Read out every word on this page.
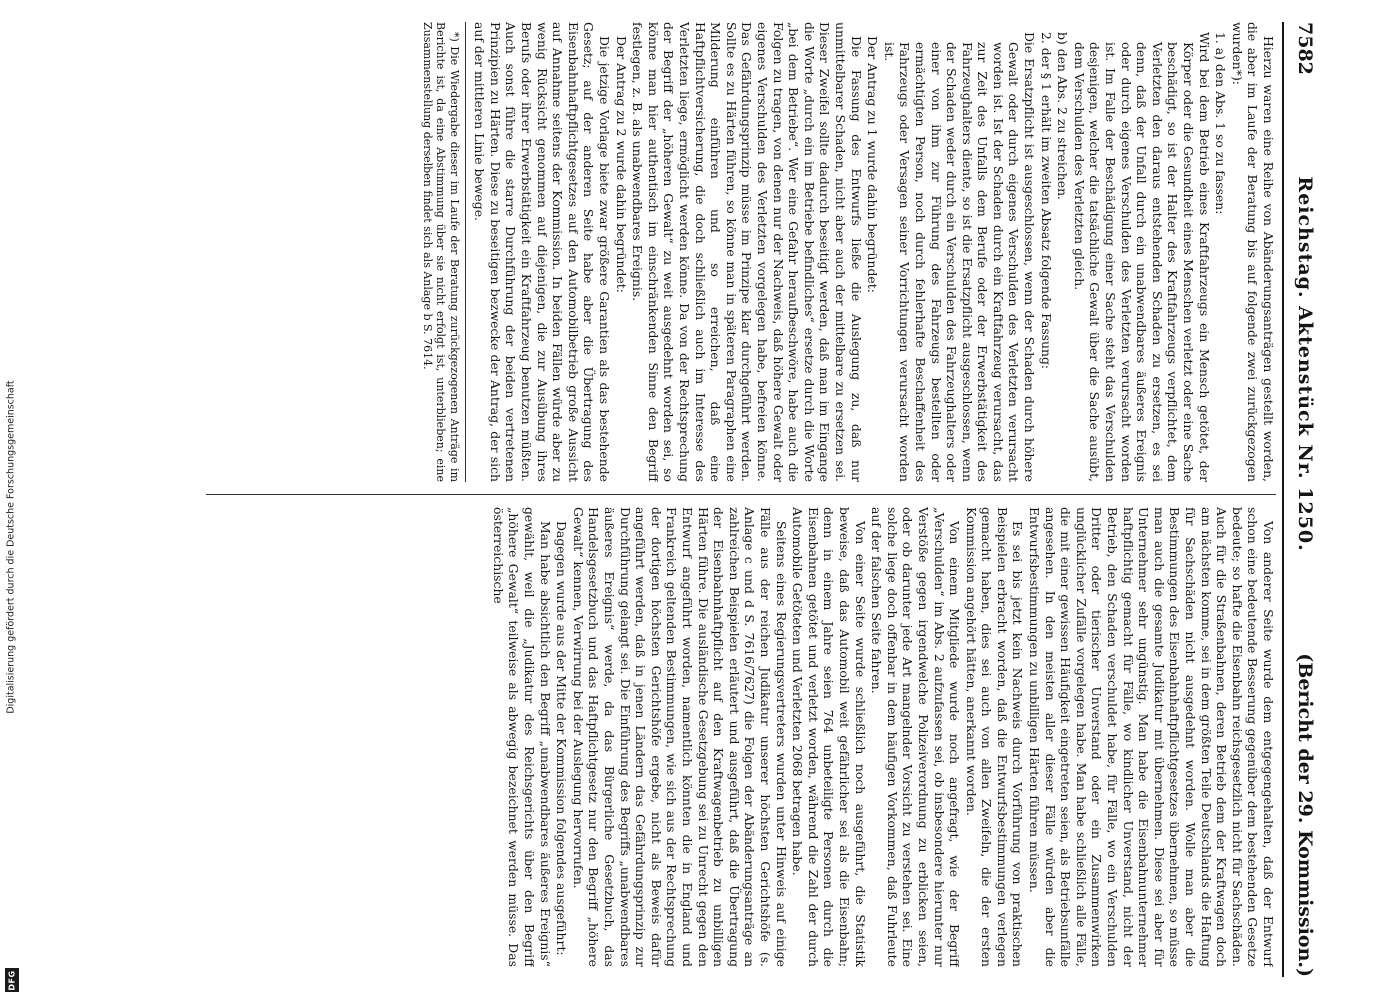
7582
Reichstag. Aktenstück Nr. 1250.
(Bericht der 29. Kommission.)

Hierzu waren eine Reihe von Abänderungsanträgen gestellt worden, die aber im Laufe der Beratung bis auf folgende zwei zurückgezogen wurden*):

1. a) den Abs. 1 so zu fassen:

Wird bei dem Betrieb eines Kraftfahrzeugs ein Mensch getötet, der Körper oder die Gesundheit eines Menschen verletzt oder eine Sache beschädigt, so ist der Halter des Kraftfahrzeugs verpflichtet, dem Verletzten den daraus entstehenden Schaden zu ersetzen, es sei denn, daß der Unfall durch ein unabwendbares äußeres Ereignis oder durch eigenes Verschulden des Verletzten verursacht worden ist. Im Falle der Beschädigung einer Sache steht das Verschulden desjenigen, welcher die tatsächliche Gewalt über die Sache ausübt, dem Verschulden des Verletzten gleich.

b) den Abs. 2 zu streichen.

2. der § 1 erhält im zweiten Absatz folgende Fassung:

Die Ersatzpflicht ist ausgeschlossen, wenn der Schaden durch höhere Gewalt oder durch eigenes Verschulden des Verletzten verursacht worden ist. Ist der Schaden durch ein Kraftfahrzeug verursacht, das zur Zeit des Unfalls dem Berufe oder der Erwerbstätigkeit des Fahrzeughalters diente, so ist die Ersatzpflicht ausgeschlossen, wenn der Schaden weder durch ein Verschulden des Fahrzeughalters oder einer von ihm zur Führung des Fahrzeugs bestellten oder ermächtigten Person, noch durch fehlerhafte Beschaffenheit des Fahrzeugs oder Versagen seiner Vorrichtungen verursacht worden ist.

Der Antrag zu 1 wurde dahin begründet:

Die Fassung des Entwurfs ließe die Auslegung zu, daß nur unmittelbarer Schaden, nicht aber auch der mittelbare zu ersetzen sei. Dieser Zweifel sollte dadurch beseitigt werden, daß man im Eingange die Worte „durch ein im Betriebe befindliches“ ersetze durch die Worte „bei dem Betriebe“. Wer eine Gefahr heraufbeschwöre, habe auch die Folgen zu tragen, von denen nur der Nachweis, daß höhere Gewalt oder eigenes Verschulden des Verletzten vorgelegen habe, befreien könne. Das Gefährdungsprinzip müsse im Prinzipe klar durchgeführt werden. Sollte es zu Härten führen, so könne man in späteren Paragraphen eine Milderung einführen und so erreichen, daß eine Haftpflichtversicherung, die doch schließlich auch im Interesse des Verletzten liege, ermöglicht werden könne. Da von der Rechtsprechung der Begriff der „höheren Gewalt“ zu weit ausgedehnt worden sei, so könne man hier authentisch im einschränkenden Sinne den Begriff festlegen, z. B. als unabwendbares Ereignis.

Der Antrag zu 2 wurde dahin begründet:

Die jetzige Vorlage biete zwar größere Garantien als das bestehende Gesetz; auf der anderen Seite habe aber die Übertragung des Eisenbahnhaftpflichtgesetzes auf den Automobilbetrieb große Aussicht auf Annahme seitens der Kommission. In beiden Fällen würde aber zu wenig Rücksicht genommen auf diejenigen, die zur Ausübung ihres Berufs oder ihrer Erwerbstätigkeit ein Kraftfahrzeug benutzen müßten. Auch sonst führe die starre Durchführung der beiden vertretenen Prinzipien zu Härten. Diese zu beseitigen bezwecke der Antrag, der sich auf der mittleren Linie bewege.

*) Die Wiedergabe dieser im Laufe der Beratung zurückgezogenen Anträge im Berichte ist, da eine Abstimmung über sie nicht erfolgt ist, unterblieben; eine Zusammenstellung derselben findet sich als Anlage b S. 7614.

Von anderer Seite wurde dem entgegengehalten, daß der Entwurf schon eine bedeutende Besserung gegenüber dem bestehenden Gesetze bedeute; so hafte die Eisenbahn reichsgesetzlich nicht für Sachschäden. Auch für die Straßenbahnen, deren Betrieb dem der Kraftwagen doch am nächsten komme, sei in dem größten Teile Deutschlands die Haftung für Sachschäden nicht ausgedehnt worden. Wolle man aber die Bestimmungen des Eisenbahnhaftpflichtgesetzes übernehmen, so müsse man auch die gesamte Judikatur mit übernehmen. Diese sei aber für Unternehmer sehr ungünstig. Man habe die Eisenbahnunternehmer haftpflichtig gemacht für Fälle, wo kindlicher Unverstand, nicht der Betrieb, den Schaden verschuldet habe, für Fälle, wo ein Verschulden Dritter oder tierischer Unverstand oder ein Zusammenwirken unglücklicher Zufälle vorgelegen habe. Man habe schließlich alle Fälle, die mit einer gewissen Häufigkeit eingetreten seien, als Betriebsunfälle angesehen. In den meisten aller dieser Fälle würden aber die Entwurfsbestimmungen zu unbilligen Härten führen müssen.

Es sei bis jetzt kein Nachweis durch Vorführung von praktischen Beispielen erbracht worden, daß die Entwurfsbestimmungen verlegen gemacht haben, dies sei auch von allen Zweifeln, die der ersten Kommission angehört hätten, anerkannt worden.

Von einem Mitgliede wurde noch angefragt, wie der Begriff „Verschulden“ im Abs. 2 aufzufassen sei, ob insbesondere hierunter nur Verstöße gegen irgendwelche Polizeiverordnung zu erblicken seien, oder ob darunter jede Art mangelnder Vorsicht zu verstehen sei. Eine solche liege doch offenbar in dem häufigen Vorkommen, daß Fuhrleute auf der falschen Seite fahren.

Von einer Seite wurde schließlich noch ausgeführt, die Statistik beweise, daß das Automobil weit gefährlicher sei als die Eisenbahn; denn in einem Jahre seien 764 unbeteiligte Personen durch die Eisenbahnen getötet und verletzt worden, während die Zahl der durch Automobile Getöteten und Verletzten 2068 betragen habe.

Seitens eines Regierungsvertreters wurden unter Hinweis auf einige Fälle aus der reichen Judikatur unserer höchsten Gerichtshöfe (s. Anlage c und d S. 7616/7627) die Folgen der Abänderungsanträge an zahlreichen Beispielen erläutert und ausgeführt, daß die Übertragung der Eisenbahnhaftpflicht auf den Kraftwagenbetrieb zu unbilligen Härten führe. Die ausländische Gesetzgebung sei zu Unrecht gegen den Entwurf angeführt worden, namentlich könnten die in England und Frankreich geltenden Bestimmungen, wie sich aus der Rechtsprechung der dortigen höchsten Gerichtshöfe ergebe, nicht als Beweis dafür angeführt werden, daß in jenen Ländern das Gefährdungsprinzip zur Durchführung gelangt sei. Die Einführung des Begriffs „unabwendbares äußeres Ereignis“ werde, da das Bürgerliche Gesetzbuch, das Handelsgesetzbuch und das Haftpflichtgesetz nur den Begriff „höhere Gewalt“ kennen, Verwirrung bei der Auslegung hervorrufen.

Dagegen wurde aus der Mitte der Kommission folgendes ausgeführt:

Man habe absichtlich den Begriff „unabwendbares äußeres Ereignis“ gewählt, weil die „Judikatur des Reichsgerichts über den Begriff „höhere Gewalt“ teilweise als abwegig bezeichnet werden müsse. Das österreichische

Digitalisierung gefördert durch die Deutsche Forschungsgemeinschaft
DFG
